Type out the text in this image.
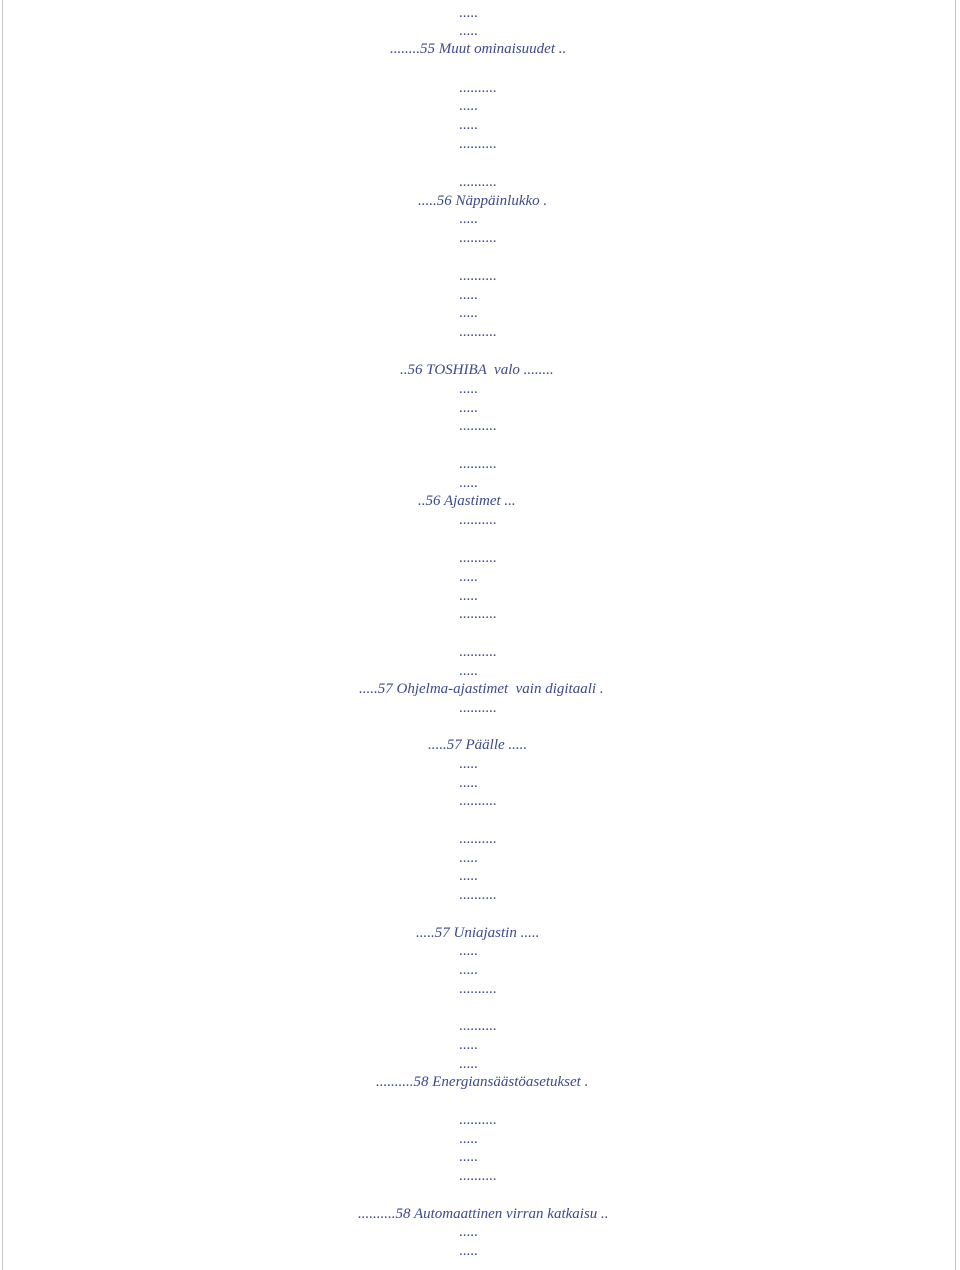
.....
.....
........55 Muut ominaisuudet ..
..........
.....
.....
..........
..........
.....56 Näppäinlukko .
.....
..........
..........
.....
.....
..........
..56 TOSHIBA  valo ........
.....
.....
..........
..........
.....
..56 Ajastimet ...
..........
..........
.....
.....
..........
..........
.....
.....57 Ohjelma-ajastimet  vain digitaali .
..........
.....57 Päälle .....
.....
.....
..........
..........
.....
.....
..........
.....57 Uniajastin .....
.....
.....
..........
..........
.....
.....
..........58 Energiansäästöasetukset .
..........
.....
.....
..........
..........58 Automaattinen virran katkaisu ..
.....
.....
